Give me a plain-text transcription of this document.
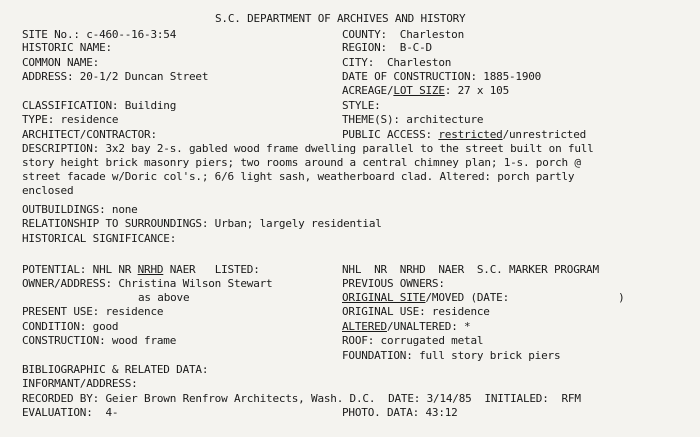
S.C. DEPARTMENT OF ARCHIVES AND HISTORY
SITE No.: c-460--16-3:54
HISTORIC NAME:
COMMON NAME:
ADDRESS: 20-1/2 Duncan Street
CLASSIFICATION: Building
TYPE: residence
ARCHITECT/CONTRACTOR:
COUNTY:  Charleston
REGION:  B-C-D
CITY:  Charleston
DATE OF CONSTRUCTION: 1885-1900
ACREAGE/LOT SIZE: 27 x 105
STYLE:
THEME(S): architecture
PUBLIC ACCESS: restricted/unrestricted
DESCRIPTION: 3x2 bay 2-s. gabled wood frame dwelling parallel to the street built on full
story height brick masonry piers; two rooms around a central chimney plan; 1-s. porch @
street facade w/Doric col's.; 6/6 light sash, weatherboard clad. Altered: porch partly
enclosed
OUTBUILDINGS: none
RELATIONSHIP TO SURROUNDINGS: Urban; largely residential
HISTORICAL SIGNIFICANCE:
POTENTIAL: NHL NR NRHD NAER   LISTED:	NHL  NR  NRHD  NAER  S.C. MARKER PROGRAM
OWNER/ADDRESS: Christina Wilson Stewart
as above
PRESENT USE: residence
CONDITION: good
CONSTRUCTION: wood frame
PREVIOUS OWNERS:
ORIGINAL SITE/MOVED (DATE:                 )
ORIGINAL USE: residence
ALTERED/UNALTERED: *
ROOF: corrugated metal
FOUNDATION: full story brick piers
BIBLIOGRAPHIC & RELATED DATA:
INFORMANT/ADDRESS:
RECORDED BY: Geier Brown Renfrow Architects, Wash. D.C.  DATE: 3/14/85  INITIALED:  RFM
EVALUATION:  4-	PHOTO. DATA: 43:12
